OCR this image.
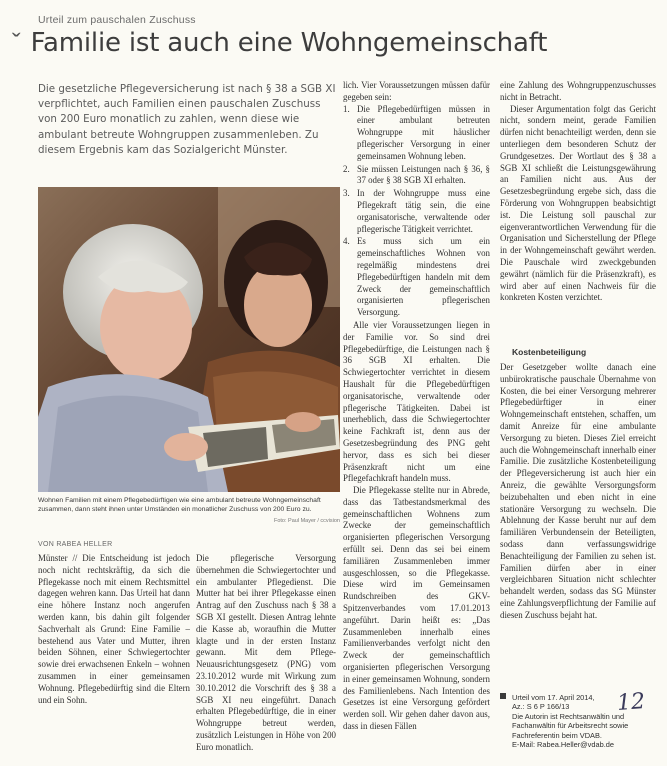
Urteil zum pauschalen Zuschuss
ˇ Familie ist auch eine Wohngemeinschaft

Die gesetzliche Pflegeversicherung ist nach § 38 a SGB XI verpflichtet, auch Familien einen pauschalen Zuschuss von 200 Euro monatlich zu zahlen, wenn diese wie ambulant betreute Wohngruppen zusammenleben. Zu diesem Ergebnis kam das Sozialgericht Münster.

Wohnen Familien mit einem Pflegebedürftigen wie eine ambulant betreute Wohngemeinschaft zusammen, dann steht ihnen unter Umständen ein monatlicher Zuschuss von 200 Euro zu.

Foto: Paul Mayer / ccvision
VON RABEA HELLER

Münster // Die Entscheidung ist jedoch noch nicht rechtskräftig, da sich die Pflegekasse noch mit einem Rechtsmittel dagegen wehren kann. Das Urteil hat dann eine höhere Instanz noch angerufen werden kann, bis dahin gilt folgender Sachverhalt als Grund: Eine Familie – bestehend aus Vater und Mutter, ihren beiden Söhnen, einer Schwiegertochter sowie drei erwachsenen Enkeln – wohnen zusammen in einer gemeinsamen Wohnung. Pflegebedürftig sind die Eltern und ein Sohn.

Die pflegerische Versorgung übernehmen die Schwiegertochter und ein ambulanter Pflegedienst. Die Mutter hat bei ihrer Pflegekasse einen Antrag auf den Zuschuss nach § 38 a SGB XI gestellt. Diesen Antrag lehnte die Kasse ab, woraufhin die Mutter klagte und in der ersten Instanz gewann. Mit dem Pflege-Neuausrichtungsgesetz (PNG) vom 23.10.2012 wurde mit Wirkung zum 30.10.2012 die Vorschrift des § 38 a SGB XI neu eingeführt. Danach erhalten Pflegebedürftige, die in einer Wohngruppe betreut werden, zusätzlich Leistungen in Höhe von 200 Euro monatlich.

lich. Vier Voraussetzungen müssen dafür gegeben sein:

1. Die Pflegebedürftigen müssen in einer ambulant betreuten Wohngruppe mit häuslicher pflegerischer Versorgung in einer gemeinsamen Wohnung leben.
2. Sie müssen Leistungen nach § 36, § 37 oder § 38 SGB XI erhalten.
3. In der Wohngruppe muss eine Pflegekraft tätig sein, die eine organisatorische, verwaltende oder pflegerische Tätigkeit verrichtet.
4. Es muss sich um ein gemeinschaftliches Wohnen von regelmäßig mindestens drei Pflegebedürftigen handeln mit dem Zweck der gemeinschaftlich organisierten pflegerischen Versorgung.

Alle vier Voraussetzungen liegen in der Familie vor. So sind drei Pflegebedürftige, die Leistungen nach § 36 SGB XI erhalten. Die Schwiegertochter verrichtet in diesem Haushalt für die Pflegebedürftigen organisatorische, verwaltende oder pflegerische Tätigkeiten. Dabei ist unerheblich, dass die Schwiegertochter keine Fachkraft ist, denn aus der Gesetzesbegründung des PNG geht hervor, dass es sich bei dieser Präsenzkraft nicht um eine Pflegefachkraft handeln muss.

Die Pflegekasse stellte nur in Abrede, dass das Tatbestandsmerkmal des gemeinschaftlichen Wohnens zum Zwecke der gemeinschaftlich organisierten pflegerischen Versorgung erfüllt sei. Denn das sei bei einem familiären Zusammenleben immer ausgeschlossen, so die Pflegekasse. Diese wird im Gemeinsamen Rundschreiben des GKV-Spitzenverbandes vom 17.01.2013 angeführt. Darin heißt es: „Das Zusammenleben innerhalb eines Familienverbandes verfolgt nicht den Zweck der gemeinschaftlich organisierten pflegerischen Versorgung in einer gemeinsamen Wohnung, sondern des Familienlebens. Nach Intention des Gesetzes ist eine Versorgung gefördert werden soll. Wir gehen daher davon aus, dass in diesen Fällen

eine Zahlung des Wohngruppenzuschusses nicht in Betracht.

Dieser Argumentation folgt das Gericht nicht, sondern meint, gerade Familien dürfen nicht benachteiligt werden, denn sie unterliegen dem besonderen Schutz der Grundgesetzes. Der Wortlaut des § 38 a SGB XI schließt die Leistungsgewährung an Familien nicht aus. Aus der Gesetzesbegründung ergebe sich, dass die Förderung von Wohngruppen beabsichtigt ist. Die Leistung soll pauschal zur eigenverantwortlichen Verwendung für die Organisation und Sicherstellung der Pflege in der Wohngemeinschaft gewährt werden. Die Pauschale wird zweckgebunden gewährt (nämlich für die Präsenzkraft), es wird aber auf einen Nachweis für die konkreten Kosten verzichtet.

Kostenbeteiligung

Der Gesetzgeber wollte danach eine unbürokratische pauschale Übernahme von Kosten, die bei einer Versorgung mehrerer Pflegebedürftiger in einer Wohngemeinschaft entstehen, schaffen, um damit Anreize für eine ambulante Versorgung zu bieten. Dieses Ziel erreicht auch die Wohngemeinschaft innerhalb einer Familie. Die zusätzliche Kostenbeteiligung der Pflegeversicherung ist auch hier ein Anreiz, die gewählte Versorgungsform beizubehalten und eben nicht in eine stationäre Versorgung zu wechseln. Die Ablehnung der Kasse beruht nur auf dem familiären Verbundensein der Beteiligten, sodass dann verfassungswidrige Benachteiligung der Familien zu sehen ist. Familien dürfen aber in einer vergleichbaren Situation nicht schlechter behandelt werden, sodass das SG Münster eine Zahlungsverpflichtung der Familie auf diesen Zuschuss bejaht hat.

Urteil vom 17. April 2014,
Az.: S 6 P 166/13
Die Autorin ist Rechtsanwältin und Fachanwältin für Arbeitsrecht sowie Fachreferentin beim VDAB.
E-Mail: Rabea.Heller@vdab.de
12
